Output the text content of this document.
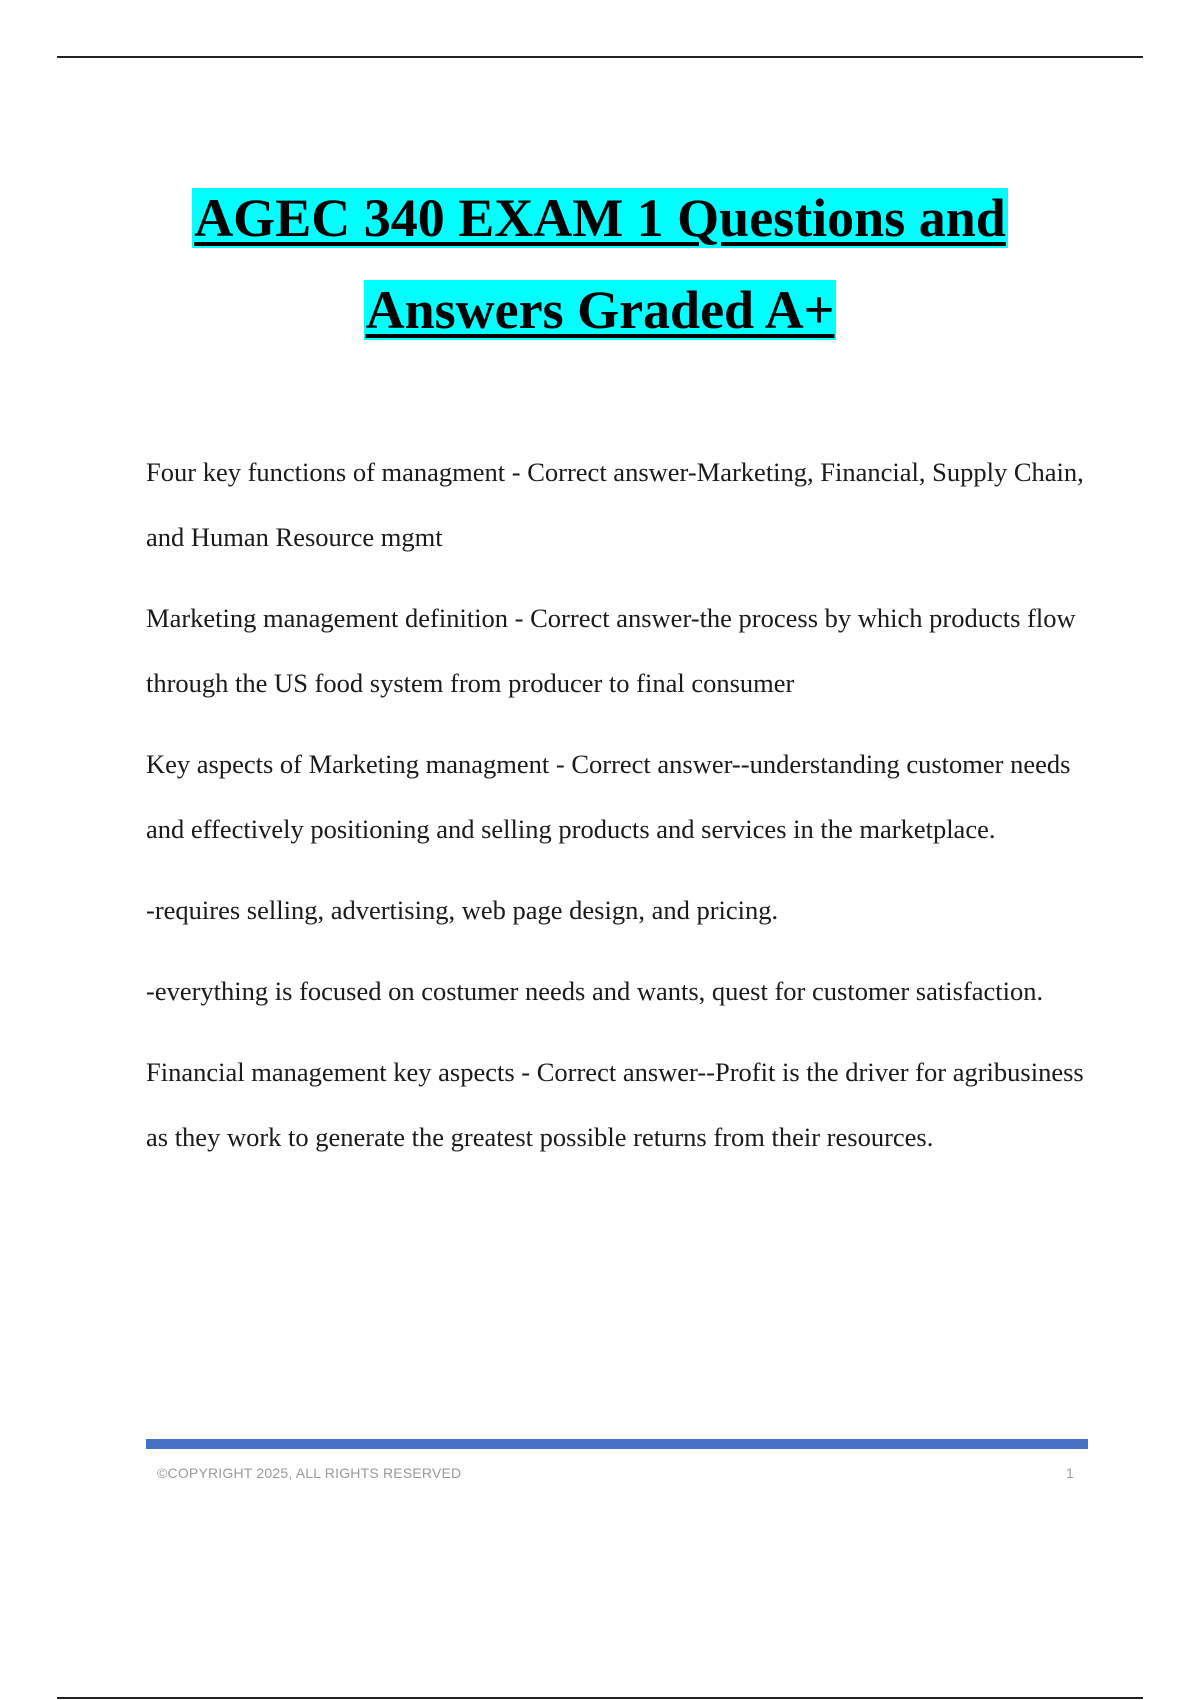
AGEC 340 EXAM 1 Questions and
Answers Graded A+

Four key functions of managment - Correct answer-Marketing, Financial, Supply Chain, and Human Resource mgmt

Marketing management definition - Correct answer-the process by which products flow through the US food system from producer to final consumer

Key aspects of Marketing managment - Correct answer--understanding customer needs and effectively positioning and selling products and services in the marketplace.

-requires selling, advertising, web page design, and pricing.

-everything is focused on costumer needs and wants, quest for customer satisfaction.

Financial management key aspects - Correct answer--Profit is the driver for agribusiness as they work to generate the greatest possible returns from their resources.

©COPYRIGHT 2025, ALL RIGHTS RESERVED	1
